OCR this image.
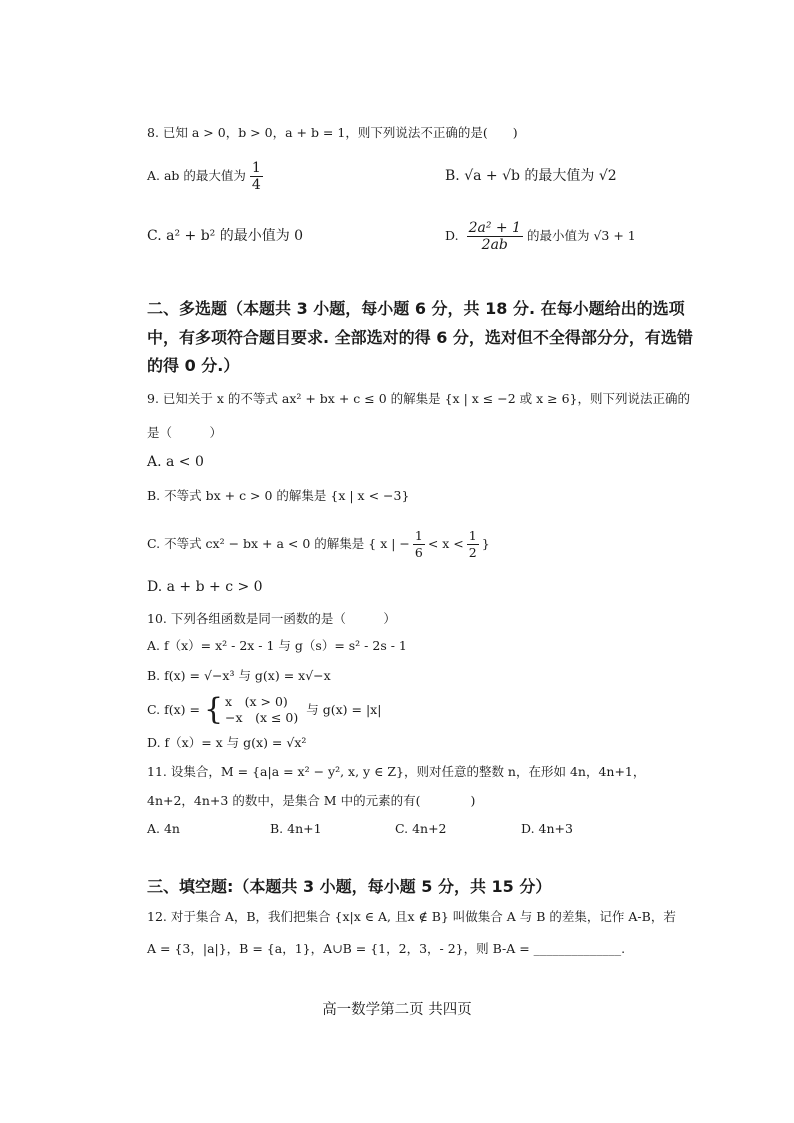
8. 已知 a > 0，b > 0，a + b = 1，则下列说法不正确的是(　　)
A. ab 的最大值为 $\frac{1}{4}$	B. √a + √b 的最大值为 √2
C. a² + b² 的最小值为 0	D. $\frac{\text{2a² + 1}}{2ab}$ 的最小值为 √3 + 1
二、多选题（本题共 3 小题，每小题 6 分，共 18 分. 在每小题给出的选项
中，有多项符合题目要求. 全部选对的得 6 分，选对但不全得部分分，有选错
的得 0 分.）
9. 已知关于 x 的不等式 ax² + bx + c ≤ 0 的解集是 {x | x ≤ −2 或 x ≥ 6}，则下列说法正确的
是（　　　）
A. a < 0
B. 不等式 bx + c > 0 的解集是 {x | x < −3}
C. 不等式 cx² − bx + a < 0 的解集是 { x | − $\frac{1}{6} < x < \frac{1}{2}$ }
D. a + b + c > 0
10. 下列各组函数是同一函数的是（　　　）
A. f（x）= x² - 2x - 1 与 g（s）= s² - 2s - 1
B. f(x) = √−x³ 与 g(x) = x√−x
C. f(x) = { x　(x > 0)
−x　(x ≤ 0)
与 g(x) = |x|
D. f（x）= x 与 g(x) = √x²
11. 设集合，M = {a|a = x² − y², x, y ∈ Z}，则对任意的整数 n，在形如 4n，4n+1，
4n+2，4n+3 的数中，是集合 M 中的元素的有(　　　　)
A. 4n	B. 4n+1	C. 4n+2	D. 4n+3
三、填空题:（本题共 3 小题，每小题 5 分，共 15 分）
12. 对于集合 A，B，我们把集合 {x|x ∈ A, 且x ∉ B} 叫做集合 A 与 B 的差集，记作 A-B，若
A = {3，|a|}，B = {a，1}，A∪B = {1，2，3，- 2}，则 B-A = ______________.
高一数学第二页 共四页
